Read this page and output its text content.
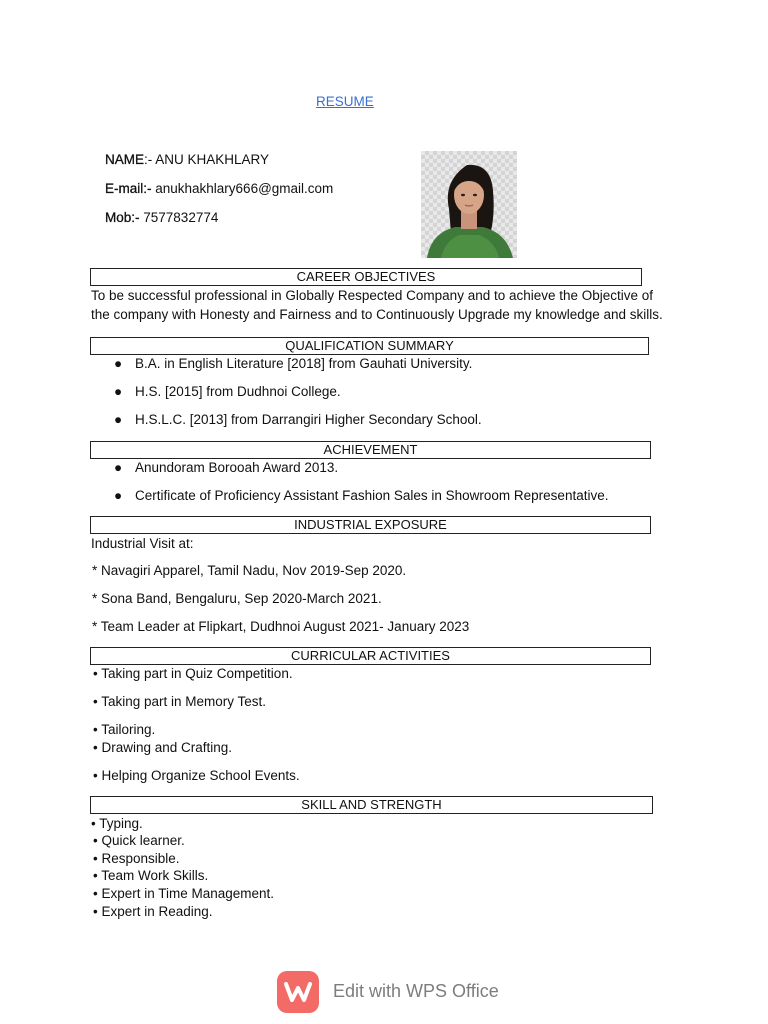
RESUME
NAME:- ANU KHAKHLARY
E-mail:- anukhakhlary666@gmail.com
Mob:- 7577832774
CAREER OBJECTIVES
To be successful professional in Globally Respected Company and to achieve the Objective of
the company with Honesty and Fairness and to Continuously Upgrade my knowledge and skills.
QUALIFICATION SUMMARY
● B.A. in English Literature [2018] from Gauhati University.
● H.S. [2015] from Dudhnoi College.
● H.S.L.C. [2013] from Darrangiri Higher Secondary School.
ACHIEVEMENT
● Anundoram Borooah Award 2013.
● Certificate of Proficiency Assistant Fashion Sales in Showroom Representative.
INDUSTRIAL EXPOSURE
Industrial Visit at:
* Navagiri Apparel, Tamil Nadu, Nov 2019-Sep 2020.
* Sona Band, Bengaluru, Sep 2020-March 2021.
* Team Leader at Flipkart, Dudhnoi August 2021- January 2023
CURRICULAR ACTIVITIES
• Taking part in Quiz Competition.
• Taking part in Memory Test.
• Tailoring.
• Drawing and Crafting.
• Helping Organize School Events.
SKILL AND STRENGTH
• Typing.
• Quick learner.
• Responsible.
• Team Work Skills.
• Expert in Time Management.
• Expert in Reading.
Edit with WPS Office
